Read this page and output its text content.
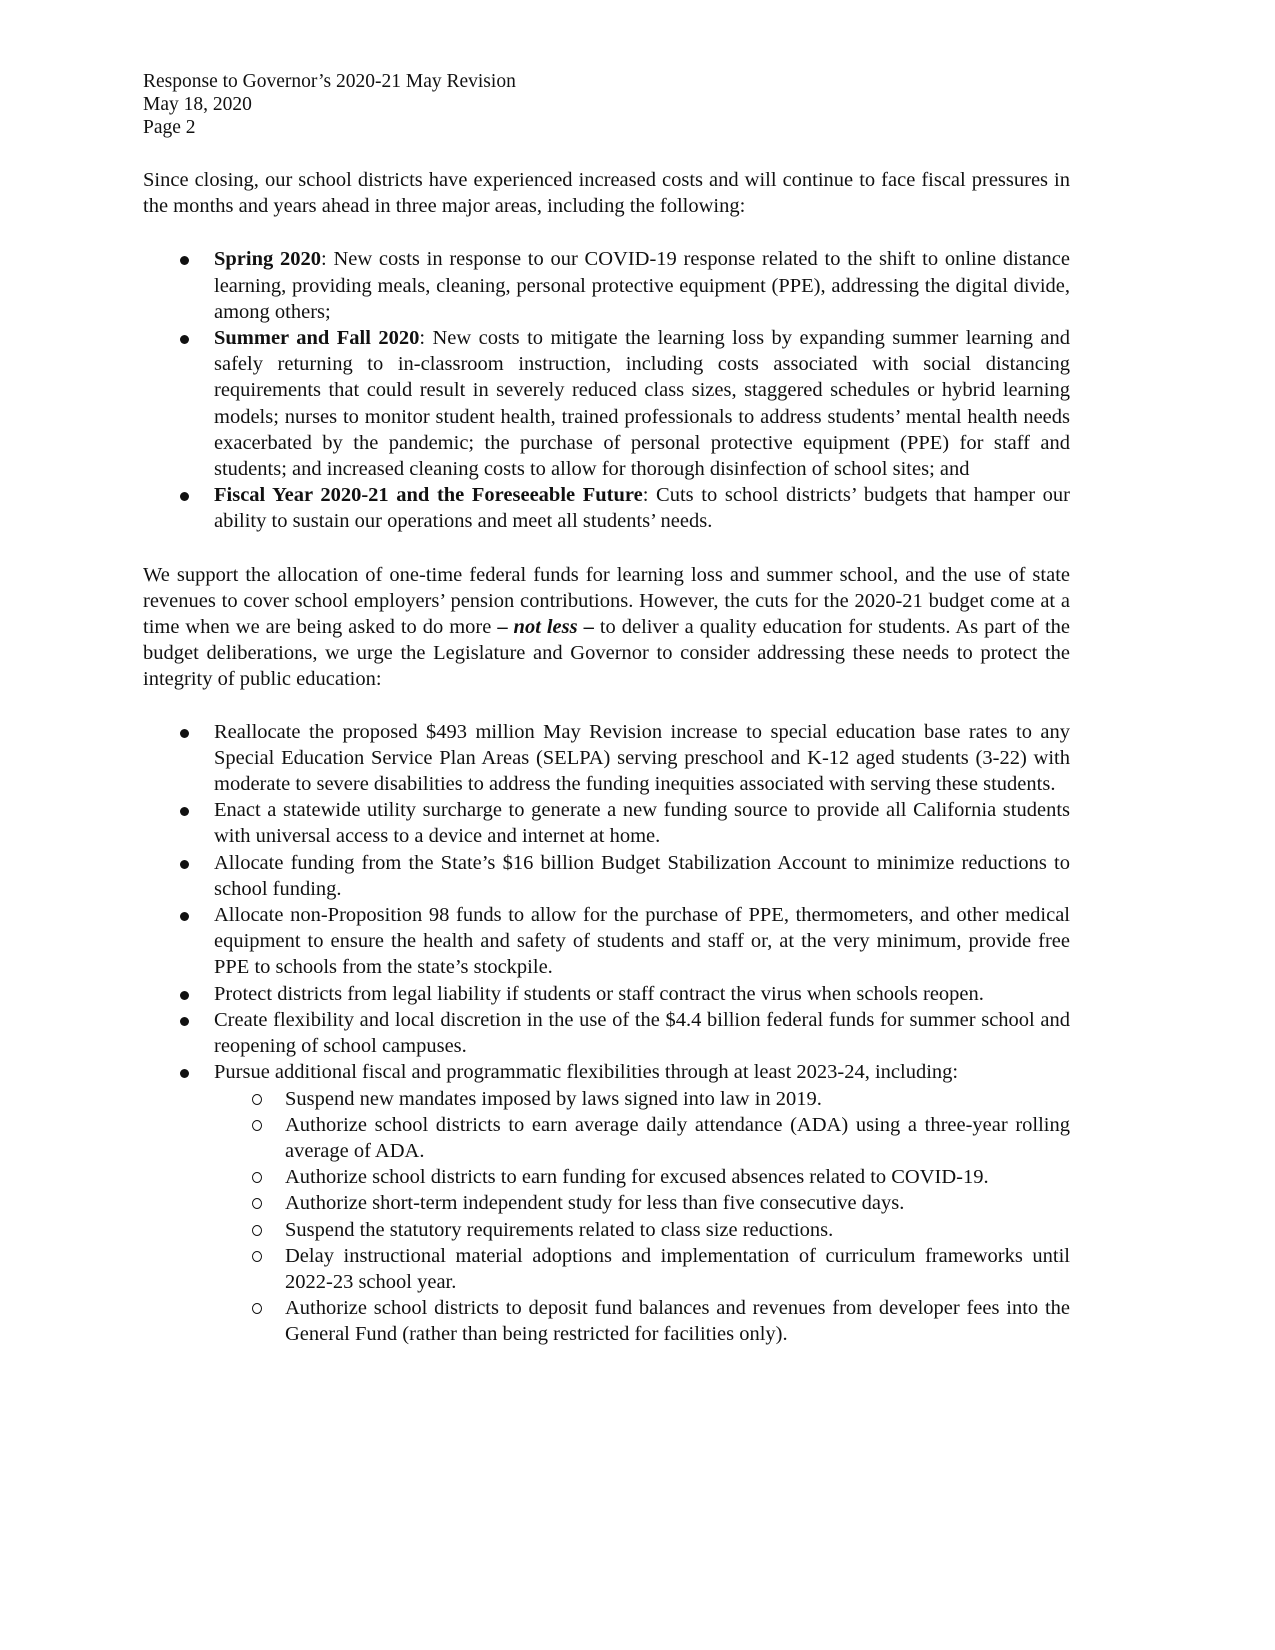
Response to Governor’s 2020-21 May Revision
May 18, 2020
Page 2

Since closing, our school districts have experienced increased costs and will continue to face fiscal pressures in the months and years ahead in three major areas, including the following:

Spring 2020: New costs in response to our COVID-19 response related to the shift to online distance learning, providing meals, cleaning, personal protective equipment (PPE), addressing the digital divide, among others;
Summer and Fall 2020: New costs to mitigate the learning loss by expanding summer learning and safely returning to in-classroom instruction, including costs associated with social distancing requirements that could result in severely reduced class sizes, staggered schedules or hybrid learning models; nurses to monitor student health, trained professionals to address students’ mental health needs exacerbated by the pandemic; the purchase of personal protective equipment (PPE) for staff and students; and increased cleaning costs to allow for thorough disinfection of school sites; and
Fiscal Year 2020-21 and the Foreseeable Future: Cuts to school districts’ budgets that hamper our ability to sustain our operations and meet all students’ needs.

We support the allocation of one-time federal funds for learning loss and summer school, and the use of state revenues to cover school employers’ pension contributions. However, the cuts for the 2020-21 budget come at a time when we are being asked to do more – not less – to deliver a quality education for students. As part of the budget deliberations, we urge the Legislature and Governor to consider addressing these needs to protect the integrity of public education:

Reallocate the proposed $493 million May Revision increase to special education base rates to any Special Education Service Plan Areas (SELPA) serving preschool and K-12 aged students (3-22) with moderate to severe disabilities to address the funding inequities associated with serving these students.
Enact a statewide utility surcharge to generate a new funding source to provide all California students with universal access to a device and internet at home.
Allocate funding from the State’s $16 billion Budget Stabilization Account to minimize reductions to school funding.
Allocate non-Proposition 98 funds to allow for the purchase of PPE, thermometers, and other medical equipment to ensure the health and safety of students and staff or, at the very minimum, provide free PPE to schools from the state’s stockpile.
Protect districts from legal liability if students or staff contract the virus when schools reopen.
Create flexibility and local discretion in the use of the $4.4 billion federal funds for summer school and reopening of school campuses.
Pursue additional fiscal and programmatic flexibilities through at least 2023-24, including:
Suspend new mandates imposed by laws signed into law in 2019.
Authorize school districts to earn average daily attendance (ADA) using a three-year rolling average of ADA.
Authorize school districts to earn funding for excused absences related to COVID-19.
Authorize short-term independent study for less than five consecutive days.
Suspend the statutory requirements related to class size reductions.
Delay instructional material adoptions and implementation of curriculum frameworks until 2022-23 school year.
Authorize school districts to deposit fund balances and revenues from developer fees into the General Fund (rather than being restricted for facilities only).
